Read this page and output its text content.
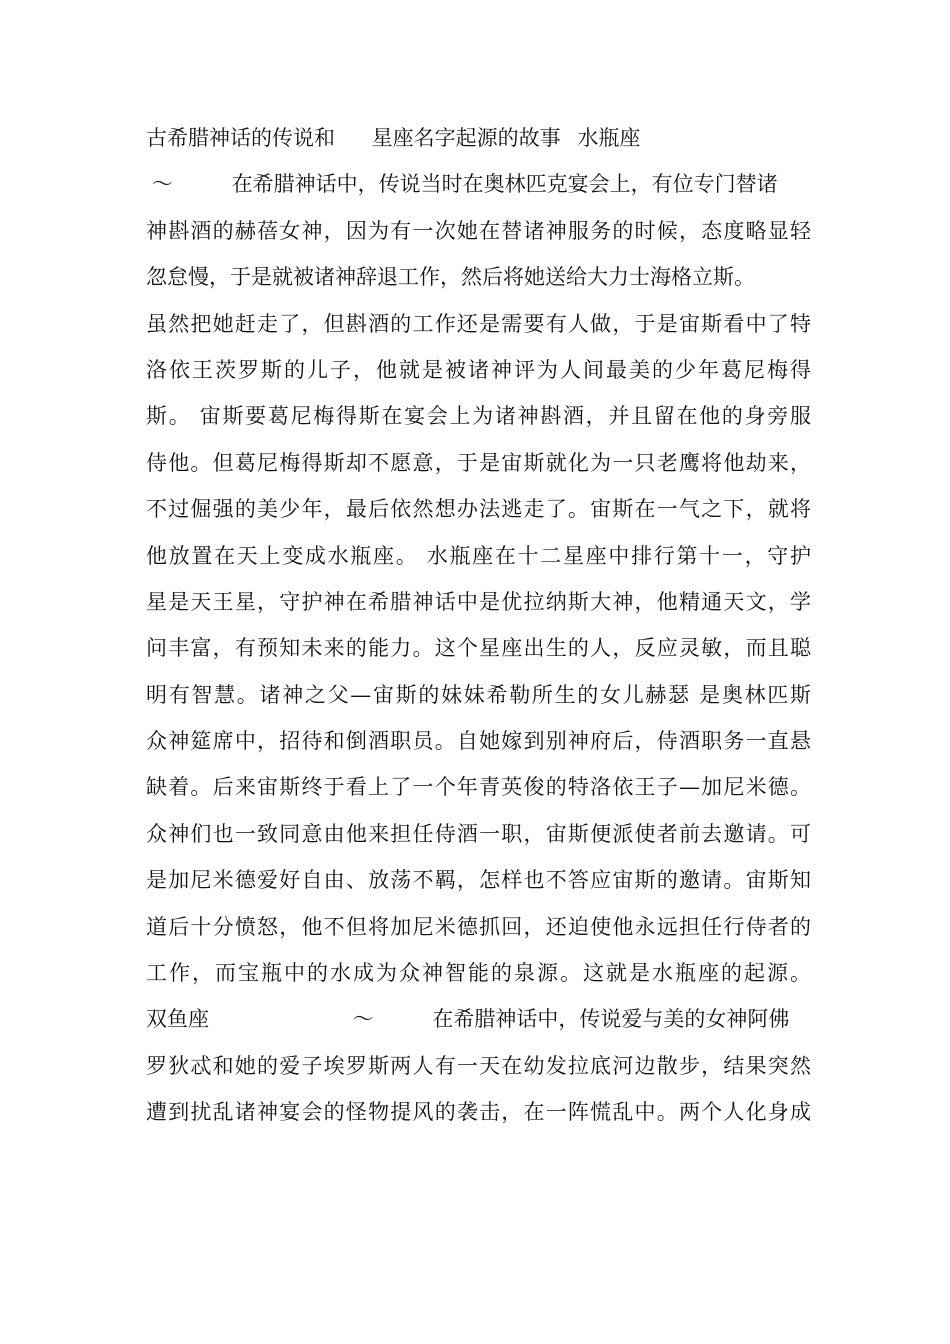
古希腊神话的传说和 星座名字起源的故事 水瓶座
～	在希腊神话中，传说当时在奥林匹克宴会上，有位专门替诸
神斟酒的赫蓓女神，因为有一次她在替诸神服务的时候，态度略显轻
忽怠慢，于是就被诸神辞退工作，然后将她送给大力士海格立斯。
虽然把她赶走了，但斟酒的工作还是需要有人做，于是宙斯看中了特
洛依王茨罗斯的儿子，他就是被诸神评为人间最美的少年葛尼梅得
斯。 宙斯要葛尼梅得斯在宴会上为诸神斟酒，并且留在他的身旁服
侍他。但葛尼梅得斯却不愿意，于是宙斯就化为一只老鹰将他劫来，
不过倔强的美少年，最后依然想办法逃走了。宙斯在一气之下，就将
他放置在天上变成水瓶座。 水瓶座在十二星座中排行第十一，守护
星是天王星，守护神在希腊神话中是优拉纳斯大神，他精通天文，学
问丰富，有预知未来的能力。这个星座出生的人，反应灵敏，而且聪
明有智慧。诸神之父—宙斯的妹妹希勒所生的女儿赫瑟 是奥林匹斯
众神筵席中，招待和倒酒职员。自她嫁到别神府后，侍酒职务一直悬
缺着。后来宙斯终于看上了一个年青英俊的特洛依王子—加尼米德。
众神们也一致同意由他来担任侍酒一职，宙斯便派使者前去邀请。可
是加尼米德爱好自由、放荡不羁，怎样也不答应宙斯的邀请。宙斯知
道后十分愤怒，他不但将加尼米德抓回，还迫使他永远担任行侍者的
工作，而宝瓶中的水成为众神智能的泉源。这就是水瓶座的起源。
双鱼座	～	在希腊神话中，传说爱与美的女神阿佛
罗狄忒和她的爱子埃罗斯两人有一天在幼发拉底河边散步，结果突然
遭到扰乱诸神宴会的怪物提风的袭击，在一阵慌乱中。两个人化身成
